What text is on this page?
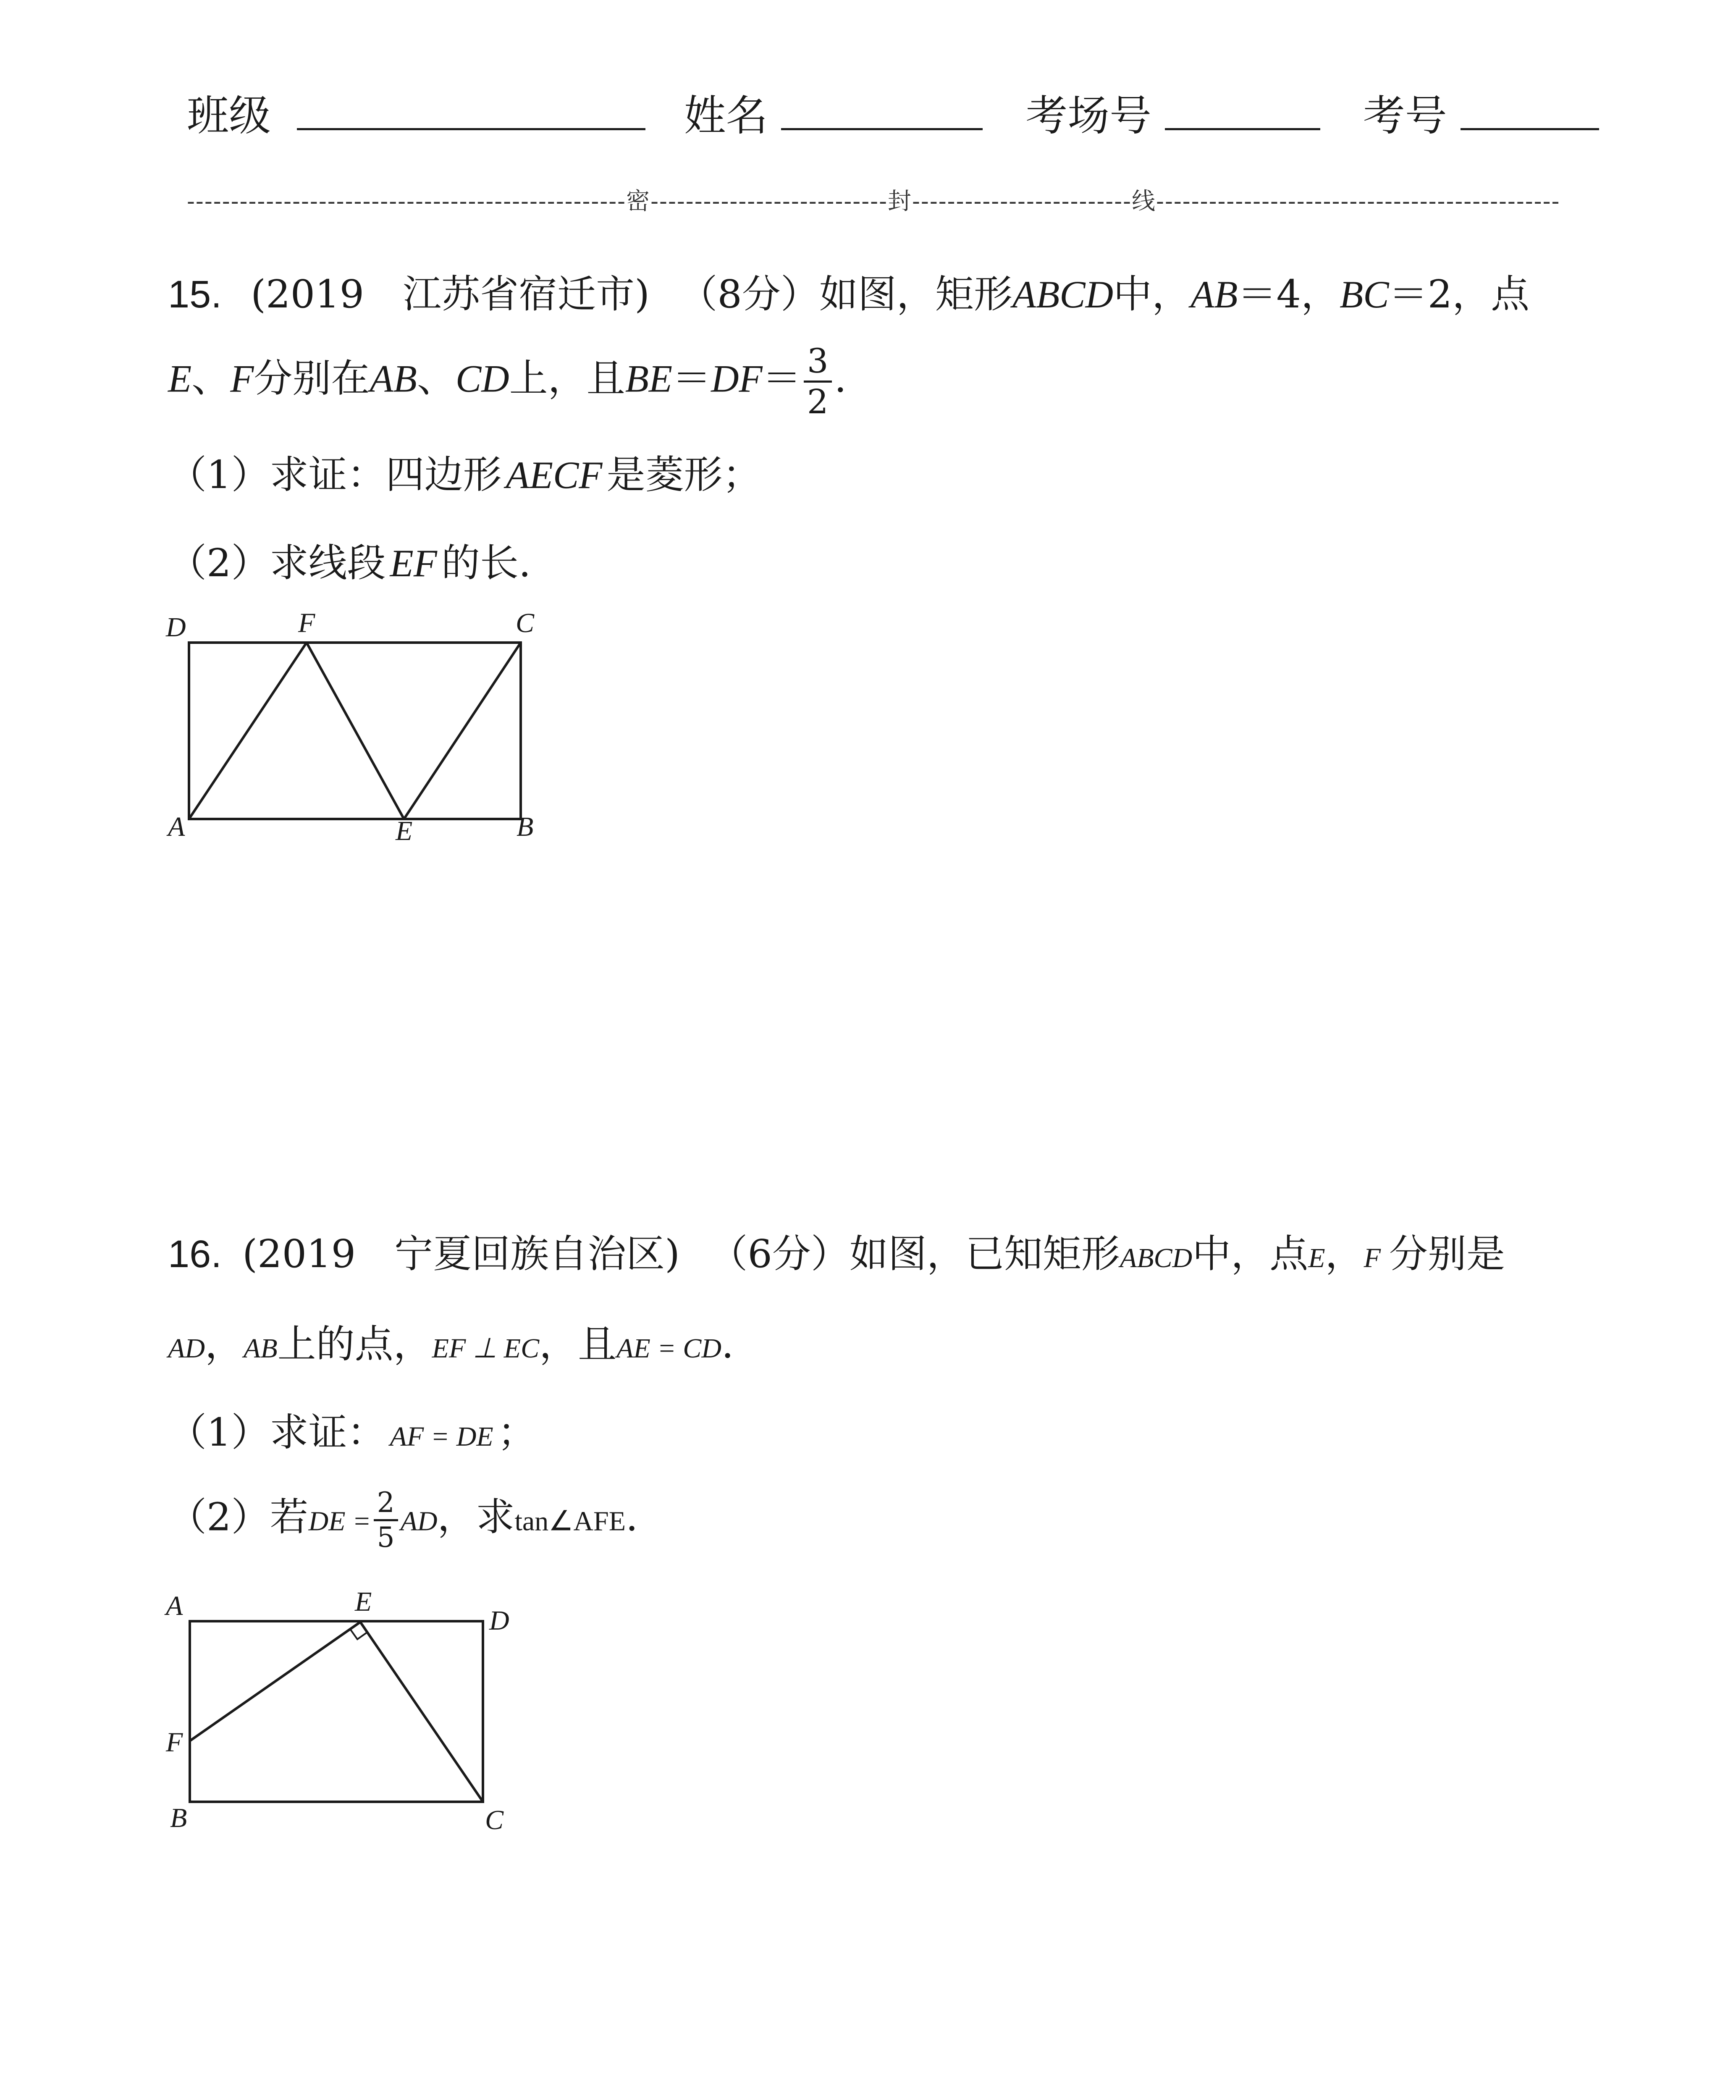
班级	姓名	考场号	考号
--------------------------------------------------密---------------------------封-------------------------线----------------------------------------------
15. (2019　江苏省宿迁市) （8分）如图，矩形ABCD中，AB＝4，BC＝2，点
E、F分别在AB、CD上，且$BE=DF= \frac{3}{2}$ .
（1）求证：四边形 AECF 是菱形；
（2）求线段 EF 的长.
D	F	C
A	E	B
16. (2019　宁夏回族自治区) （6分）如图，已知矩形ABCD中，点E，F 分别是
AD，AB上的点，EF ⊥ EC，且AE = CD.
（1）求证： AF = DE ；
（2）若DE = $\frac{2}{5}$ AD，求tan∠AFE.
A	E
D
F
B	C
